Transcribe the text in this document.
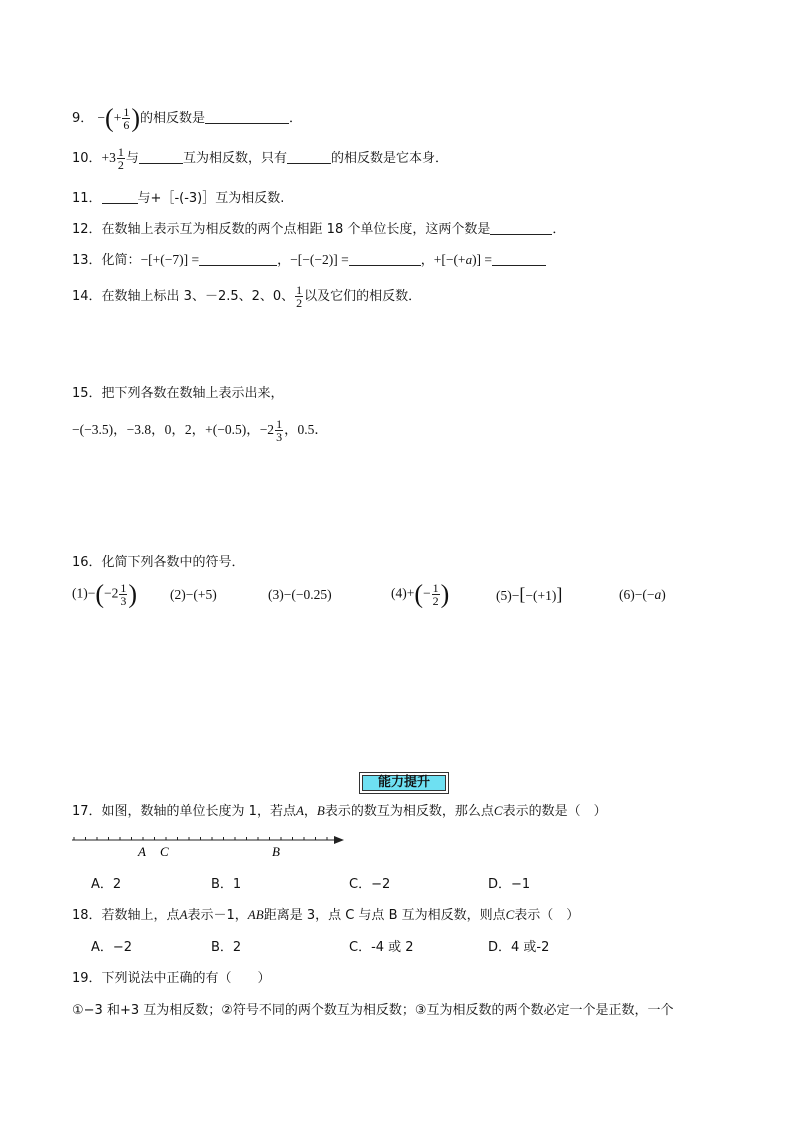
9． −(+ $\frac{1}{6}$ )的相反数是	．
10．$+3 \frac{1}{2}$ 与	互为相反数，只有	的相反数是它本身．
11．	与+［-(-3)］互为相反数.
12．在数轴上表示互为相反数的两个点相距 18 个单位长度，这两个数是	．
13．化简：−[+(−7)] =	，−[−(−2)] =	，+[−(+a)] =
14．在数轴上标出 3、－2.5、2、0、 $\frac{1}{2}$ 以及它们的相反数．
15．把下列各数在数轴上表示出来，
−(−3.5)，−3.8，0，2，+(−0.5)，$-2 \frac{1}{3}$ ，0.5．
16．化简下列各数中的符号．
$(1)-(-2 \frac{1}{3}$ ) (2)−(+5)	(3)−(−0.25)	$(4)+(- \frac{1}{2}$ )	(5)−[−(+1)]	(6)−(−a)
能力提升
17．如图，数轴的单位长度为 1，若点A，B表示的数互为相反数，那么点C表示的数是（　）
A C	B
A．2	B．1	C．−2	D．−1
18．若数轴上，点A表示－1，AB距离是 3，点 C 与点 B 互为相反数，则点C表示（　）
A．−2	B．2	C．-4 或 2	D．4 或-2
19．下列说法中正确的有（　　）
①−3 和+3 互为相反数；②符号不同的两个数互为相反数；③互为相反数的两个数必定一个是正数，一个
